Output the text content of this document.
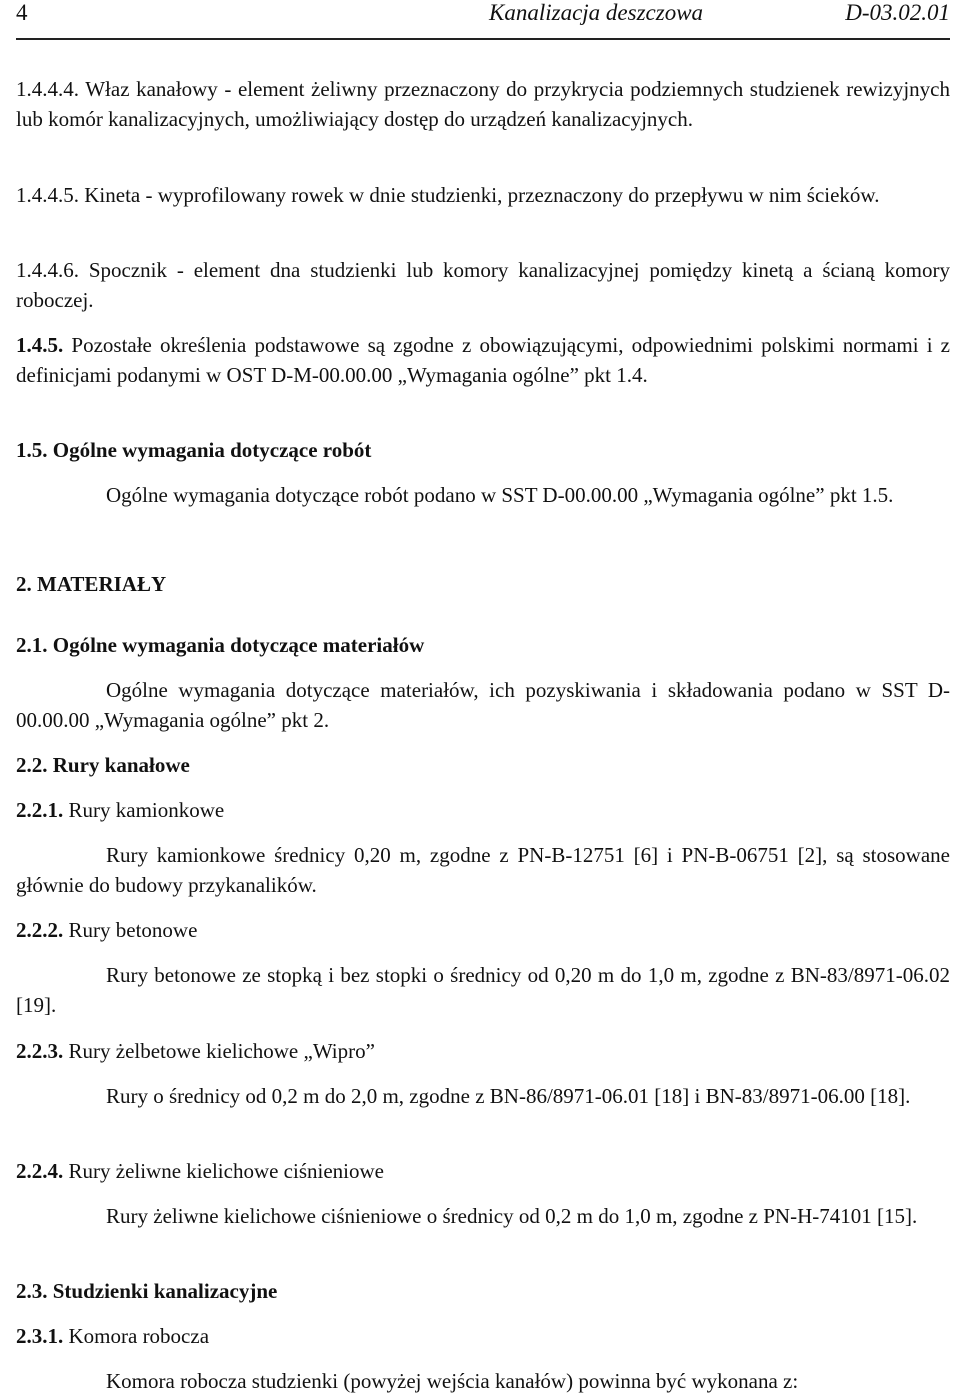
4	Kanalizacja deszczowa	D-03.02.01
1.4.4.4. Właz kanałowy - element żeliwny przeznaczony do przykrycia podziemnych studzienek rewizyjnych lub komór kanalizacyjnych, umożliwiający dostęp do urządzeń kanalizacyjnych.
1.4.4.5. Kineta - wyprofilowany rowek w dnie studzienki, przeznaczony do przepływu w nim ścieków.
1.4.4.6. Spocznik - element dna studzienki lub komory kanalizacyjnej pomiędzy kinetą a ścianą komory roboczej.
1.4.5. Pozostałe określenia podstawowe są zgodne z obowiązującymi, odpowiednimi polskimi normami i z definicjami podanymi w OST D-M-00.00.00 „Wymagania ogólne” pkt 1.4.
1.5. Ogólne wymagania dotyczące robót
Ogólne wymagania dotyczące robót podano w SST D-00.00.00 „Wymagania ogólne” pkt 1.5.
2. MATERIAŁY
2.1. Ogólne wymagania dotyczące materiałów
Ogólne wymagania dotyczące materiałów, ich pozyskiwania i składowania podano w SST D-00.00.00 „Wymagania ogólne” pkt 2.
2.2. Rury kanałowe
2.2.1. Rury kamionkowe
Rury kamionkowe średnicy 0,20 m, zgodne z PN-B-12751 [6] i PN-B-06751 [2], są stosowane głównie do budowy przykanalików.
2.2.2. Rury betonowe
Rury betonowe ze stopką i bez stopki o średnicy od 0,20 m do 1,0 m, zgodne z BN-83/8971-06.02 [19].
2.2.3. Rury żelbetowe kielichowe „Wipro”
Rury o średnicy od 0,2 m do 2,0 m, zgodne z BN-86/8971-06.01 [18] i BN-83/8971-06.00 [18].
2.2.4. Rury żeliwne kielichowe ciśnieniowe
Rury żeliwne kielichowe ciśnieniowe o średnicy od 0,2 m do 1,0 m, zgodne z PN-H-74101 [15].
2.3. Studzienki kanalizacyjne
2.3.1. Komora robocza
Komora robocza studzienki (powyżej wejścia kanałów) powinna być wykonana z:
